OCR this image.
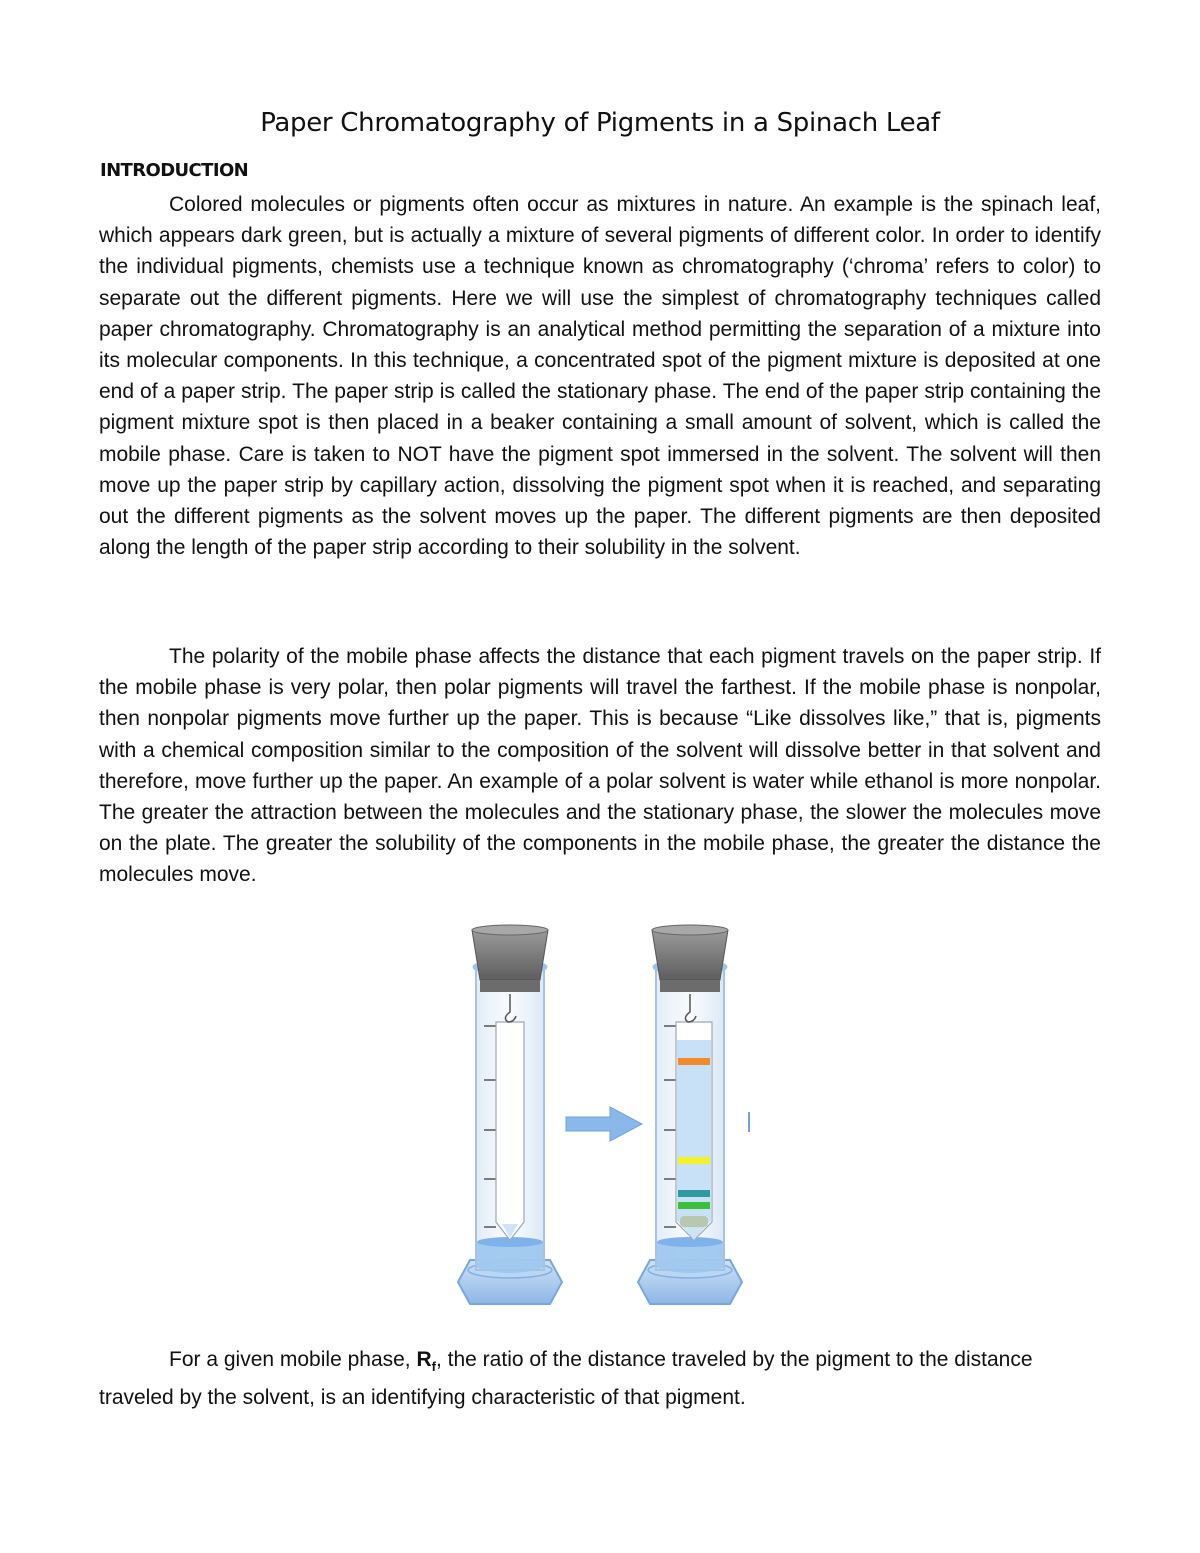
Paper Chromatography of Pigments in a Spinach Leaf
INTRODUCTION

Colored molecules or pigments often occur as mixtures in nature. An example is the spinach leaf, which appears dark green, but is actually a mixture of several pigments of different color. In order to identify the individual pigments, chemists use a technique known as chromatography (‘chroma’ refers to color) to separate out the different pigments. Here we will use the simplest of chromatography techniques called paper chromatography. Chromatography is an analytical method permitting the separation of a mixture into its molecular components. In this technique, a concentrated spot of the pigment mixture is deposited at one end of a paper strip. The paper strip is called the stationary phase. The end of the paper strip containing the pigment mixture spot is then placed in a beaker containing a small amount of solvent, which is called the mobile phase. Care is taken to NOT have the pigment spot immersed in the solvent. The solvent will then move up the paper strip by capillary action, dissolving the pigment spot when it is reached, and separating out the different pigments as the solvent moves up the paper. The different pigments are then deposited along the length of the paper strip according to their solubility in the solvent.

The polarity of the mobile phase affects the distance that each pigment travels on the paper strip. If the mobile phase is very polar, then polar pigments will travel the farthest. If the mobile phase is nonpolar, then nonpolar pigments move further up the paper. This is because “Like dissolves like,” that is, pigments with a chemical composition similar to the composition of the solvent will dissolve better in that solvent and therefore, move further up the paper. An example of a polar solvent is water while ethanol is more nonpolar. The greater the attraction between the molecules and the stationary phase, the slower the molecules move on the plate. The greater the solubility of the components in the mobile phase, the greater the distance the molecules move.

For a given mobile phase, $R_f$, the ratio of the distance traveled by the pigment to the distance traveled by the solvent, is an identifying characteristic of that pigment.
